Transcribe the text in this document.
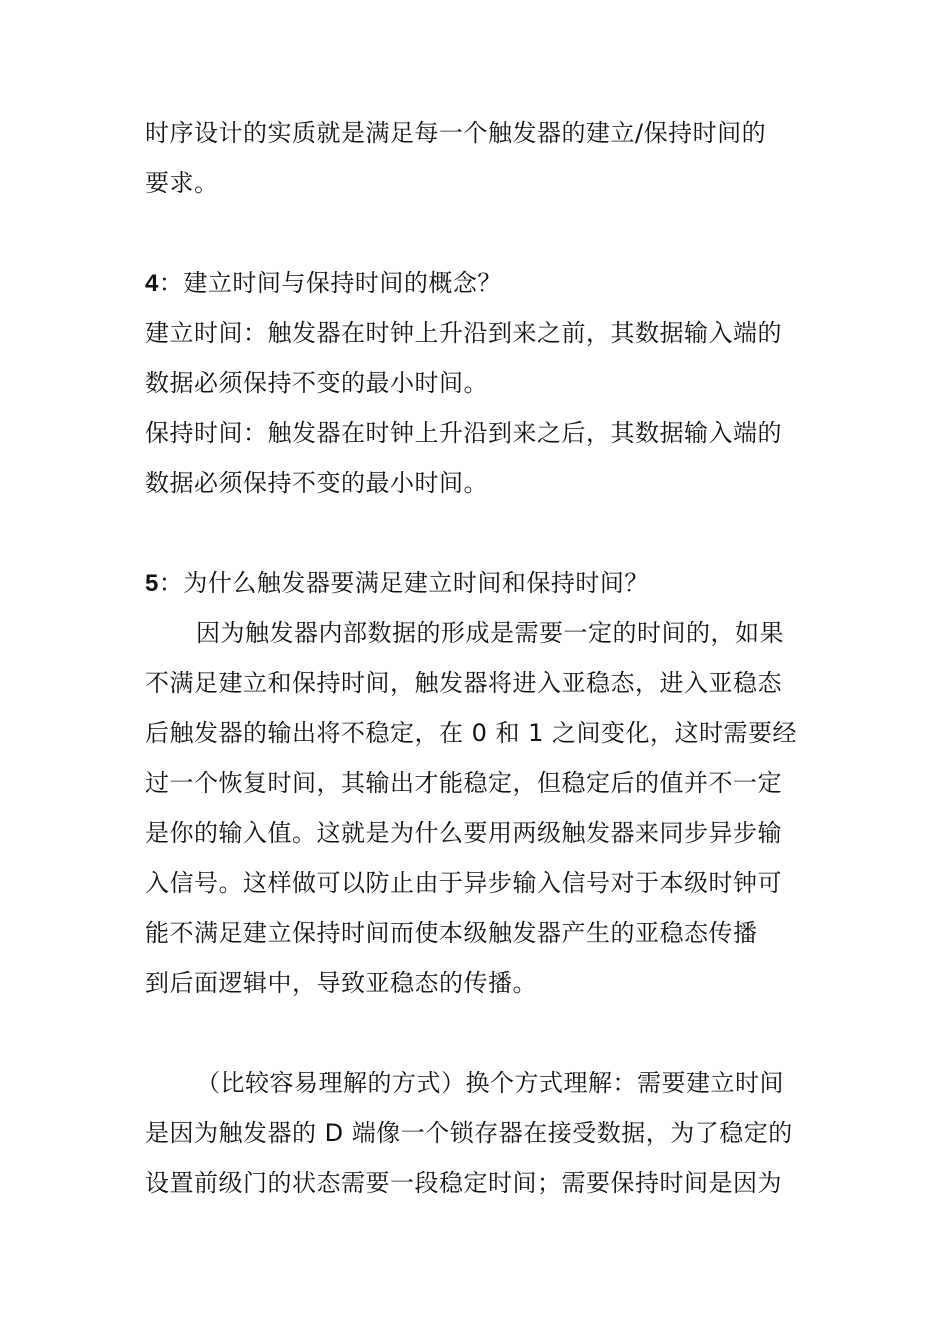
时序设计的实质就是满足每一个触发器的建立/保持时间的
要求。
4：建立时间与保持时间的概念？
建立时间：触发器在时钟上升沿到来之前，其数据输入端的
数据必须保持不变的最小时间。
保持时间：触发器在时钟上升沿到来之后，其数据输入端的
数据必须保持不变的最小时间。
5：为什么触发器要满足建立时间和保持时间？
因为触发器内部数据的形成是需要一定的时间的，如果
不满足建立和保持时间，触发器将进入亚稳态，进入亚稳态
后触发器的输出将不稳定，在 0 和 1 之间变化，这时需要经
过一个恢复时间，其输出才能稳定，但稳定后的值并不一定
是你的输入值。这就是为什么要用两级触发器来同步异步输
入信号。这样做可以防止由于异步输入信号对于本级时钟可
能不满足建立保持时间而使本级触发器产生的亚稳态传播
到后面逻辑中，导致亚稳态的传播。
（比较容易理解的方式）换个方式理解：需要建立时间
是因为触发器的 D 端像一个锁存器在接受数据，为了稳定的
设置前级门的状态需要一段稳定时间；需要保持时间是因为
